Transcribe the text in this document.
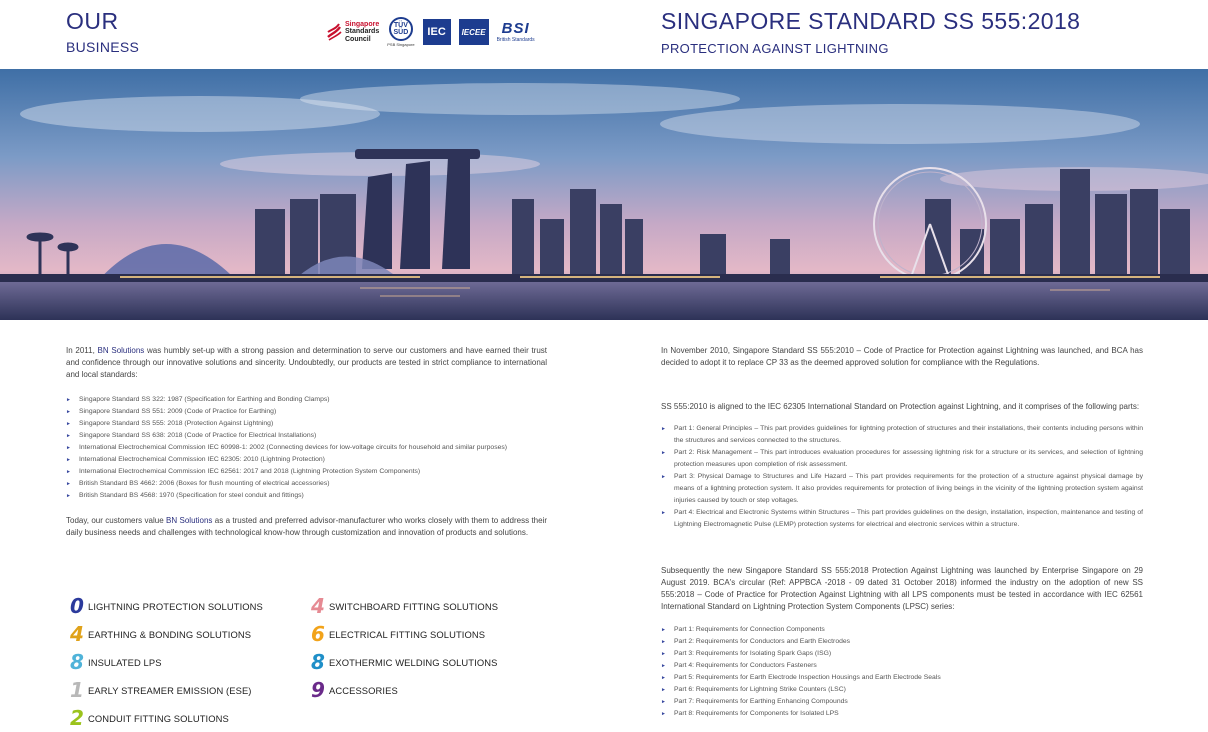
OUR
BUSINESS
Singapore
Standards
Council
TÜV SÜD
PSB Singapore
IEC	IECEE BSI
British Standards
SINGAPORE STANDARD SS 555:2018
PROTECTION AGAINST LIGHTNING

In 2011, BN Solutions was humbly set-up with a strong passion and determination to serve our customers and have earned their trust and confidence through our innovative solutions and sincerity. Undoubtedly, our products are tested in strict compliance to international and local standards:

► Singapore Standard SS 322: 1987 (Specification for Earthing and Bonding Clamps)
► Singapore Standard SS 551: 2009 (Code of Practice for Earthing)
► Singapore Standard SS 555: 2018 (Protection Against Lightning)
► Singapore Standard SS 638: 2018 (Code of Practice for Electrical Installations)
► International Electrochemical Commission IEC 60998-1: 2002 (Connecting devices for low-voltage circuits for household and similar purposes)
► International Electrochemical Commission IEC 62305: 2010 (Lightning Protection)
► International Electrochemical Commission IEC 62561: 2017 and 2018 (Lightning Protection System Components)
► British Standard BS 4662: 2006 (Boxes for flush mounting of electrical accessories)
► British Standard BS 4568: 1970 (Specification for steel conduit and fittings)

Today, our customers value BN Solutions as a trusted and preferred advisor-manufacturer who works closely with them to address their daily business needs and challenges with technological know-how through customization and innovation of products and solutions.

0 LIGHTNING PROTECTION SOLUTIONS
4 EARTHING & BONDING SOLUTIONS
8 INSULATED LPS
1 EARLY STREAMER EMISSION (ESE)
2 CONDUIT FITTING SOLUTIONS
4 SWITCHBOARD FITTING SOLUTIONS
6 ELECTRICAL FITTING SOLUTIONS
8 EXOTHERMIC WELDING SOLUTIONS
9 ACCESSORIES

In November 2010, Singapore Standard SS 555:2010 – Code of Practice for Protection against Lightning was launched, and BCA has decided to adopt it to replace CP 33 as the deemed approved solution for compliance with the Regulations.

SS 555:2010 is aligned to the IEC 62305 International Standard on Protection against Lightning, and it comprises of the following parts:

► Part 1: General Principles – This part provides guidelines for lightning protection of structures and their installations, their contents including persons within the structures and services connected to the structures.
► Part 2: Risk Management – This part introduces evaluation procedures for assessing lightning risk for a structure or its services, and selection of lightning protection measures upon completion of risk assessment.
► Part 3: Physical Damage to Structures and Life Hazard – This part provides requirements for the protection of a structure against physical damage by means of a lightning protection system. It also provides requirements for protection of living beings in the vicinity of the lightning protection system against injuries caused by touch or step voltages.
► Part 4: Electrical and Electronic Systems within Structures – This part provides guidelines on the design, installation, inspection, maintenance and testing of Lightning Electromagnetic Pulse (LEMP) protection systems for electrical and electronic services within a structure.

Subsequently the new Singapore Standard SS 555:2018 Protection Against Lightning was launched by Enterprise Singapore on 29 August 2019. BCA's circular (Ref: APPBCA -2018 - 09 dated 31 October 2018) informed the industry on the adoption of new SS 555:2018 – Code of Practice for Protection Against Lightning with all LPS components must be tested in accordance with IEC 62561 International Standard on Lightning Protection System Components (LPSC) series:

► Part 1: Requirements for Connection Components
► Part 2: Requirements for Conductors and Earth Electrodes
► Part 3: Requirements for Isolating Spark Gaps (ISG)
► Part 4: Requirements for Conductors Fasteners
► Part 5: Requirements for Earth Electrode Inspection Housings and Earth Electrode Seals
► Part 6: Requirements for Lightning Strike Counters (LSC)
► Part 7: Requirements for Earthing Enhancing Compounds
► Part 8: Requirements for Components for Isolated LPS
